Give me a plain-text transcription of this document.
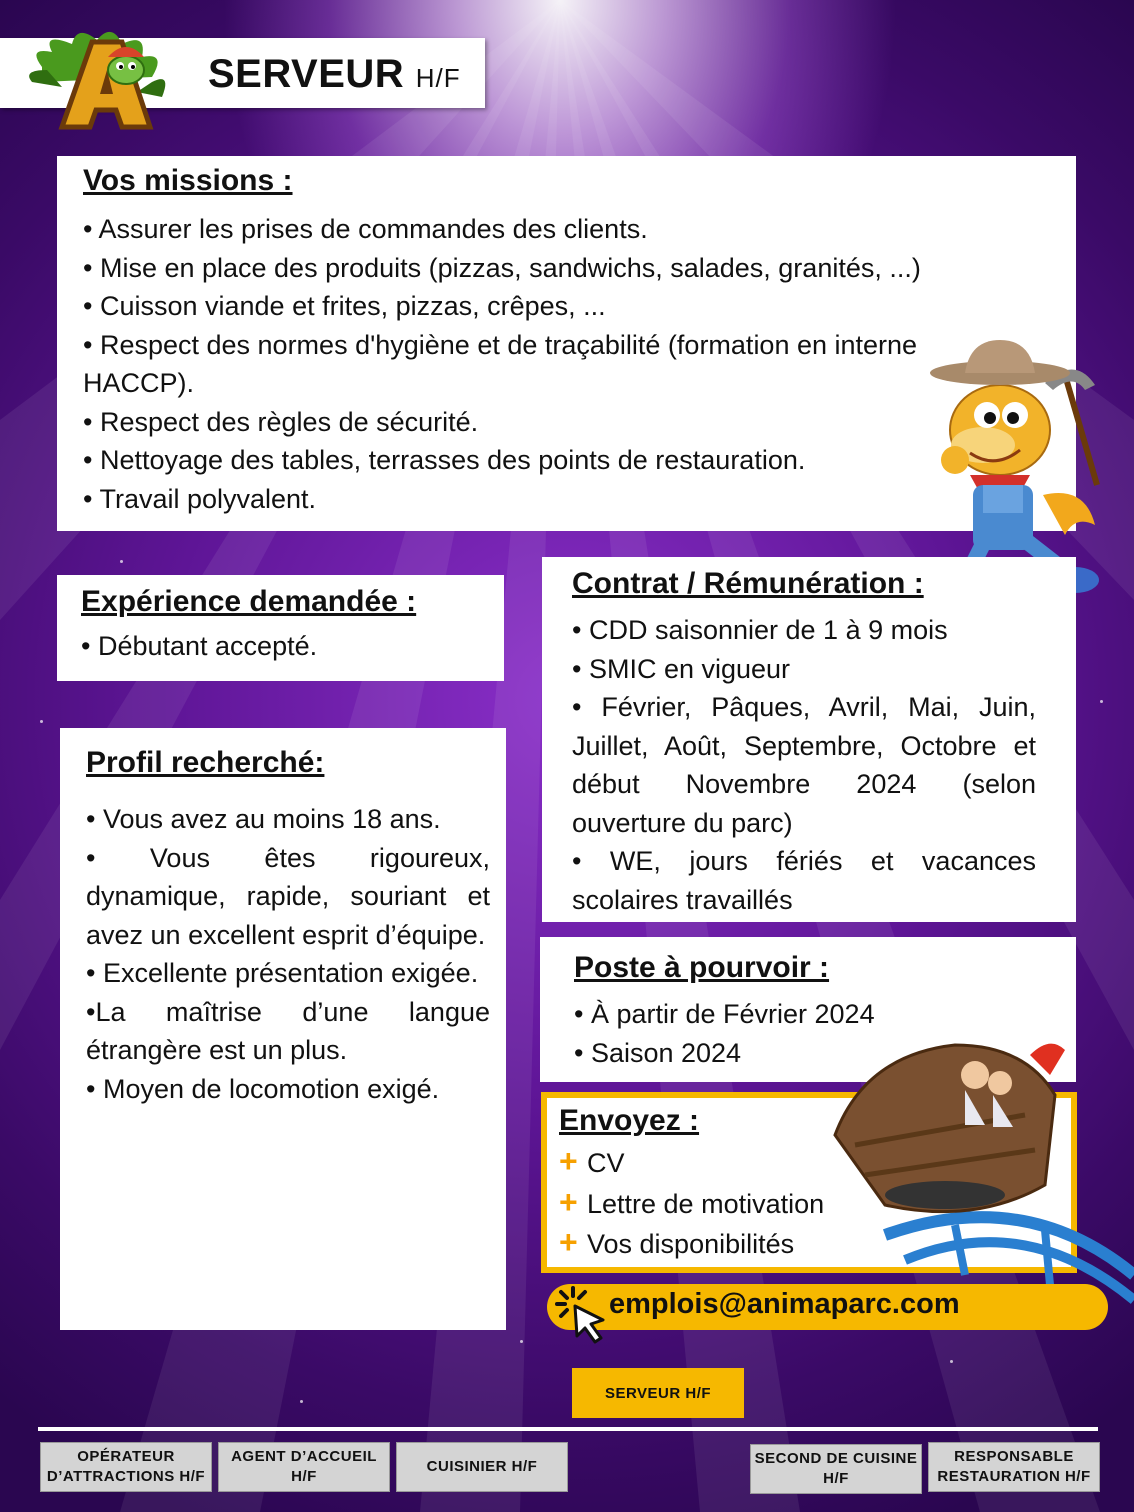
SERVEUR H/F

Vos missions :

• Assurer les prises de commandes des clients.

• Mise en place des produits (pizzas, sandwichs, salades, granités, ...)

• Cuisson viande et frites, pizzas, crêpes, ...

• Respect des normes d'hygiène et de traçabilité (formation en interne HACCP).

• Respect des règles de sécurité.

• Nettoyage des tables, terrasses des points de restauration.

• Travail polyvalent.

Expérience demandée :

• Débutant accepté.

Profil recherché:

• Vous avez au moins 18 ans.

• Vous êtes rigoureux, dynamique, rapide, souriant et avez un excellent esprit d’équipe.

• Excellente présentation exigée.

•La maîtrise d’une langue étrangère est un plus.

• Moyen de locomotion exigé.

Contrat / Rémunération :

• CDD saisonnier de 1 à 9 mois

• SMIC en vigueur

• Février, Pâques, Avril, Mai, Juin, Juillet, Août, Septembre, Octobre et début Novembre 2024 (selon ouverture du parc)

• WE, jours fériés et vacances scolaires travaillés

Poste à pourvoir :

• À partir de Février 2024

• Saison 2024

Envoyez :

+ CV
+ Lettre de motivation
+ Vos disponibilités
emplois@animaparc.com
SERVEUR H/F
OPÉRATEUR D’ATTRACTIONS H/F
AGENT D’ACCUEIL H/F
CUISINIER H/F	SECOND DE CUISINE H/F
RESPONSABLE RESTAURATION H/F
